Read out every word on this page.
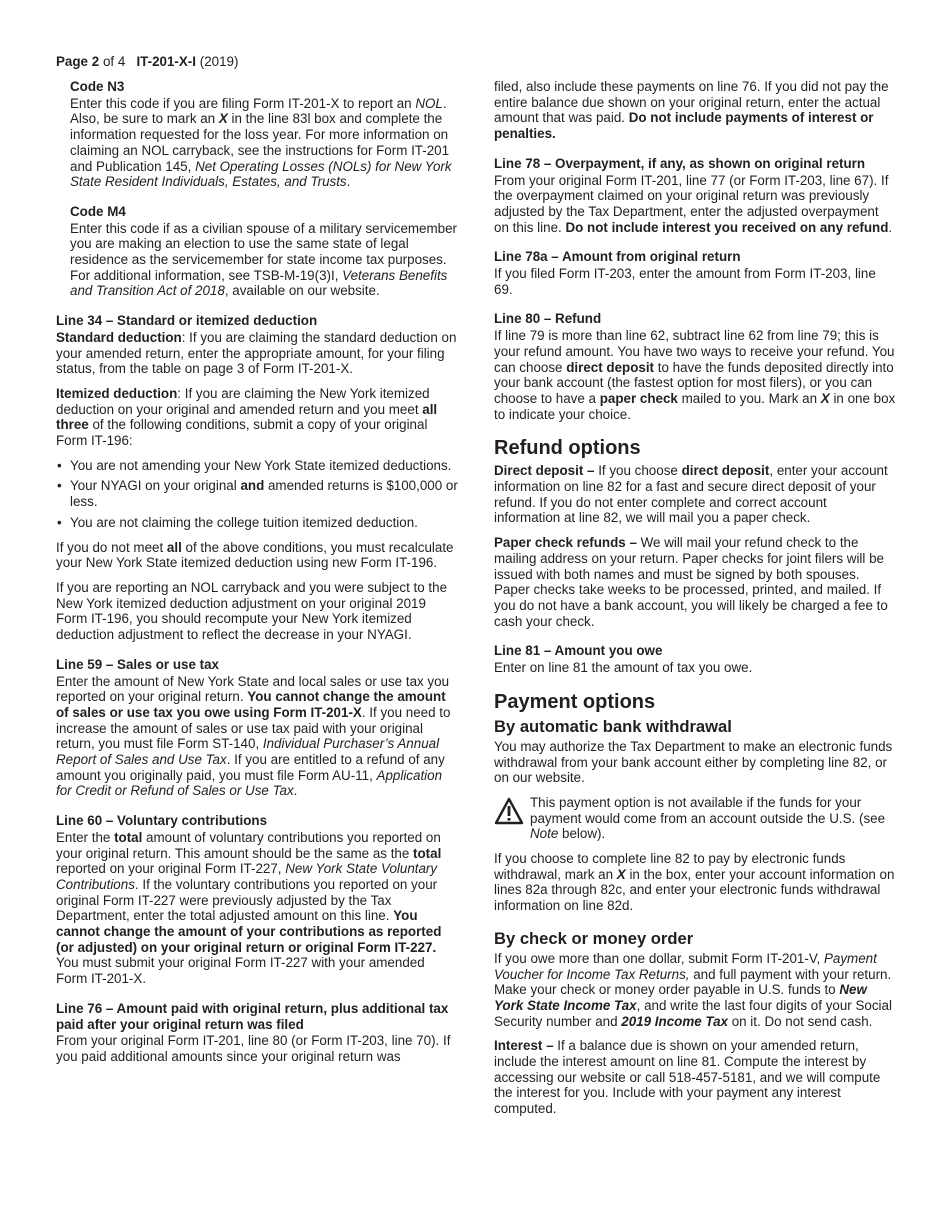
Page 2 of 4 IT-201-X-I (2019)
Code N3

Enter this code if you are filing Form IT-201-X to report an NOL. Also, be sure to mark an X in the line 83l box and complete the information requested for the loss year. For more information on claiming an NOL carryback, see the instructions for Form IT-201 and Publication 145, Net Operating Losses (NOLs) for New York State Resident Individuals, Estates, and Trusts.

Code M4

Enter this code if as a civilian spouse of a military servicemember you are making an election to use the same state of legal residence as the servicemember for state income tax purposes. For additional information, see TSB-M-19(3)I, Veterans Benefits and Transition Act of 2018, available on our website.

Line 34 – Standard or itemized deduction

Standard deduction: If you are claiming the standard deduction on your amended return, enter the appropriate amount, for your filing status, from the table on page 3 of Form IT-201-X.

Itemized deduction: If you are claiming the New York itemized deduction on your original and amended return and you meet all three of the following conditions, submit a copy of your original Form IT-196:

• You are not amending your New York State itemized deductions.
• Your NYAGI on your original and amended returns is $100,000 or less.
• You are not claiming the college tuition itemized deduction.

If you do not meet all of the above conditions, you must recalculate your New York State itemized deduction using new Form IT-196.

If you are reporting an NOL carryback and you were subject to the New York itemized deduction adjustment on your original 2019 Form IT-196, you should recompute your New York itemized deduction adjustment to reflect the decrease in your NYAGI.

Line 59 – Sales or use tax

Enter the amount of New York State and local sales or use tax you reported on your original return. You cannot change the amount of sales or use tax you owe using Form IT-201-X. If you need to increase the amount of sales or use tax paid with your original return, you must file Form ST-140, Individual Purchaser’s Annual Report of Sales and Use Tax. If you are entitled to a refund of any amount you originally paid, you must file Form AU-11, Application for Credit or Refund of Sales or Use Tax.

Line 60 – Voluntary contributions

Enter the total amount of voluntary contributions you reported on your original return. This amount should be the same as the total reported on your original Form IT-227, New York State Voluntary Contributions. If the voluntary contributions you reported on your original Form IT-227 were previously adjusted by the Tax Department, enter the total adjusted amount on this line. You cannot change the amount of your contributions as reported (or adjusted) on your original return or original Form IT-227. You must submit your original Form IT-227 with your amended Form IT-201-X.

Line 76 – Amount paid with original return, plus additional tax paid after your original return was filed

From your original Form IT-201, line 80 (or Form IT-203, line 70). If you paid additional amounts since your original return was

filed, also include these payments on line 76. If you did not pay the entire balance due shown on your original return, enter the actual amount that was paid. Do not include payments of interest or penalties.

Line 78 – Overpayment, if any, as shown on original return

From your original Form IT-201, line 77 (or Form IT-203, line 67). If the overpayment claimed on your original return was previously adjusted by the Tax Department, enter the adjusted overpayment on this line. Do not include interest you received on any refund.

Line 78a – Amount from original return

If you filed Form IT-203, enter the amount from Form IT-203, line 69.

Line 80 – Refund

If line 79 is more than line 62, subtract line 62 from line 79; this is your refund amount. You have two ways to receive your refund. You can choose direct deposit to have the funds deposited directly into your bank account (the fastest option for most filers), or you can choose to have a paper check mailed to you. Mark an X in one box to indicate your choice.

Refund options

Direct deposit – If you choose direct deposit, enter your account information on line 82 for a fast and secure direct deposit of your refund. If you do not enter complete and correct account information at line 82, we will mail you a paper check.

Paper check refunds – We will mail your refund check to the mailing address on your return. Paper checks for joint filers will be issued with both names and must be signed by both spouses. Paper checks take weeks to be processed, printed, and mailed. If you do not have a bank account, you will likely be charged a fee to cash your check.

Line 81 – Amount you owe

Enter on line 81 the amount of tax you owe.

Payment options
By automatic bank withdrawal

You may authorize the Tax Department to make an electronic funds withdrawal from your bank account either by completing line 82, or on our website.

This payment option is not available if the funds for your payment would come from an account outside the U.S. (see Note below).

If you choose to complete line 82 to pay by electronic funds withdrawal, mark an X in the box, enter your account information on lines 82a through 82c, and enter your electronic funds withdrawal information on line 82d.

By check or money order

If you owe more than one dollar, submit Form IT-201-V, Payment Voucher for Income Tax Returns, and full payment with your return. Make your check or money order payable in U.S. funds to New York State Income Tax, and write the last four digits of your Social Security number and 2019 Income Tax on it. Do not send cash.

Interest – If a balance due is shown on your amended return, include the interest amount on line 81. Compute the interest by accessing our website or call 518-457-5181, and we will compute the interest for you. Include with your payment any interest computed.
